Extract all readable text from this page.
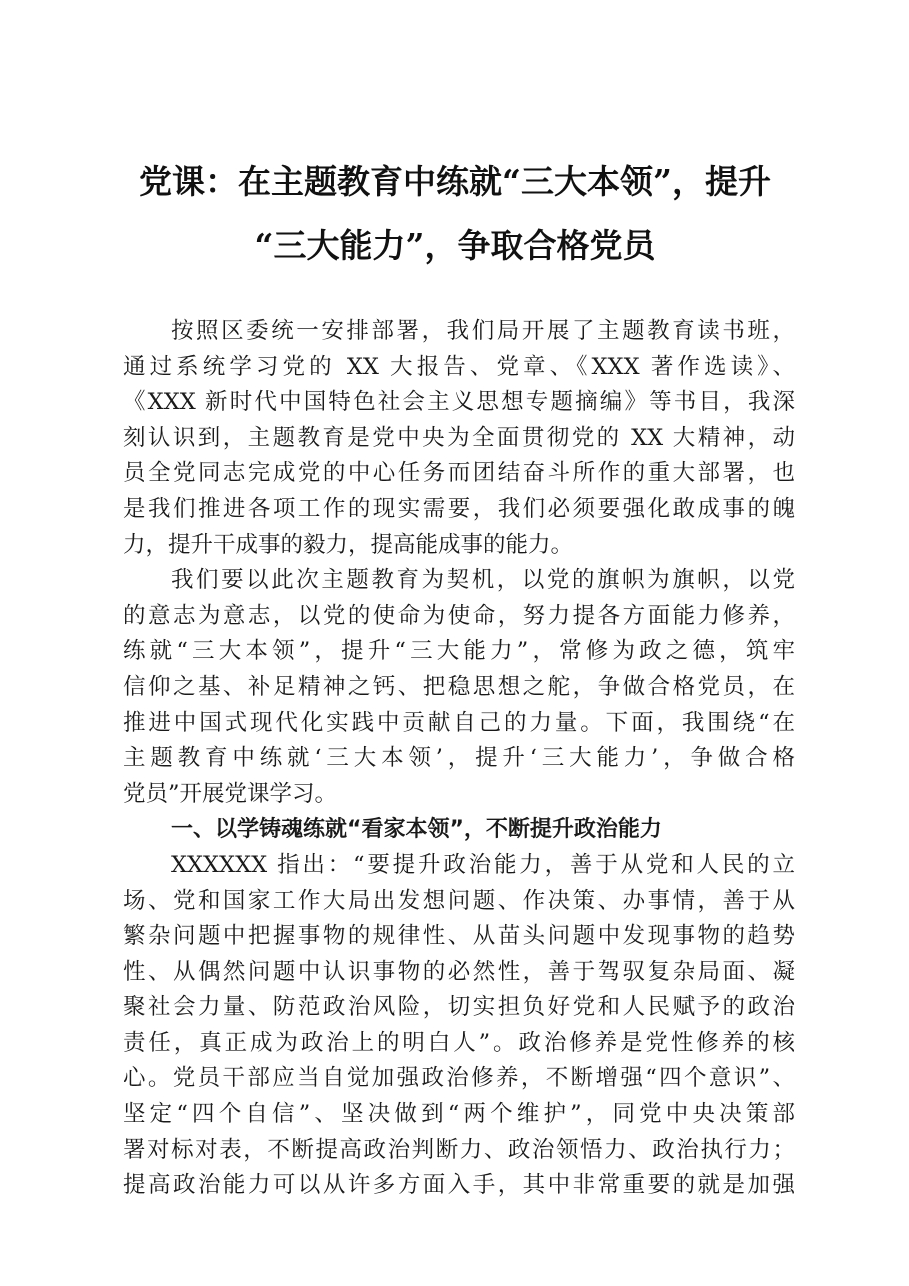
党课：在主题教育中练就“三大本领”，提升
“三大能力”，争取合格党员
按照区委统一安排部署，我们局开展了主题教育读书班，
通过系统学习党的 XX 大报告、党章、《XXX 著作选读》、
《XXX 新时代中国特色社会主义思想专题摘编》等书目，我深
刻认识到，主题教育是党中央为全面贯彻党的 XX 大精神，动
员全党同志完成党的中心任务而团结奋斗所作的重大部署，也
是我们推进各项工作的现实需要，我们必须要强化敢成事的魄
力，提升干成事的毅力，提高能成事的能力。
我们要以此次主题教育为契机，以党的旗帜为旗帜，以党
的意志为意志，以党的使命为使命，努力提各方面能力修养，
练就“三大本领”，提升“三大能力”，常修为政之德，筑牢
信仰之基、补足精神之钙、把稳思想之舵，争做合格党员，在
推进中国式现代化实践中贡献自己的力量。下面，我围绕“在
主题教育中练就‘三大本领’，提升‘三大能力’，争做合格
党员”开展党课学习。
一、以学铸魂练就“看家本领”，不断提升政治能力
XXXXXX 指出：“要提升政治能力，善于从党和人民的立
场、党和国家工作大局出发想问题、作决策、办事情，善于从
繁杂问题中把握事物的规律性、从苗头问题中发现事物的趋势
性、从偶然问题中认识事物的必然性，善于驾驭复杂局面、凝
聚社会力量、防范政治风险，切实担负好党和人民赋予的政治
责任，真正成为政治上的明白人”。政治修养是党性修养的核
心。党员干部应当自觉加强政治修养，不断增强“四个意识”、
坚定“四个自信”、坚决做到“两个维护”，同党中央决策部
署对标对表，不断提高政治判断力、政治领悟力、政治执行力；
提高政治能力可以从许多方面入手，其中非常重要的就是加强
